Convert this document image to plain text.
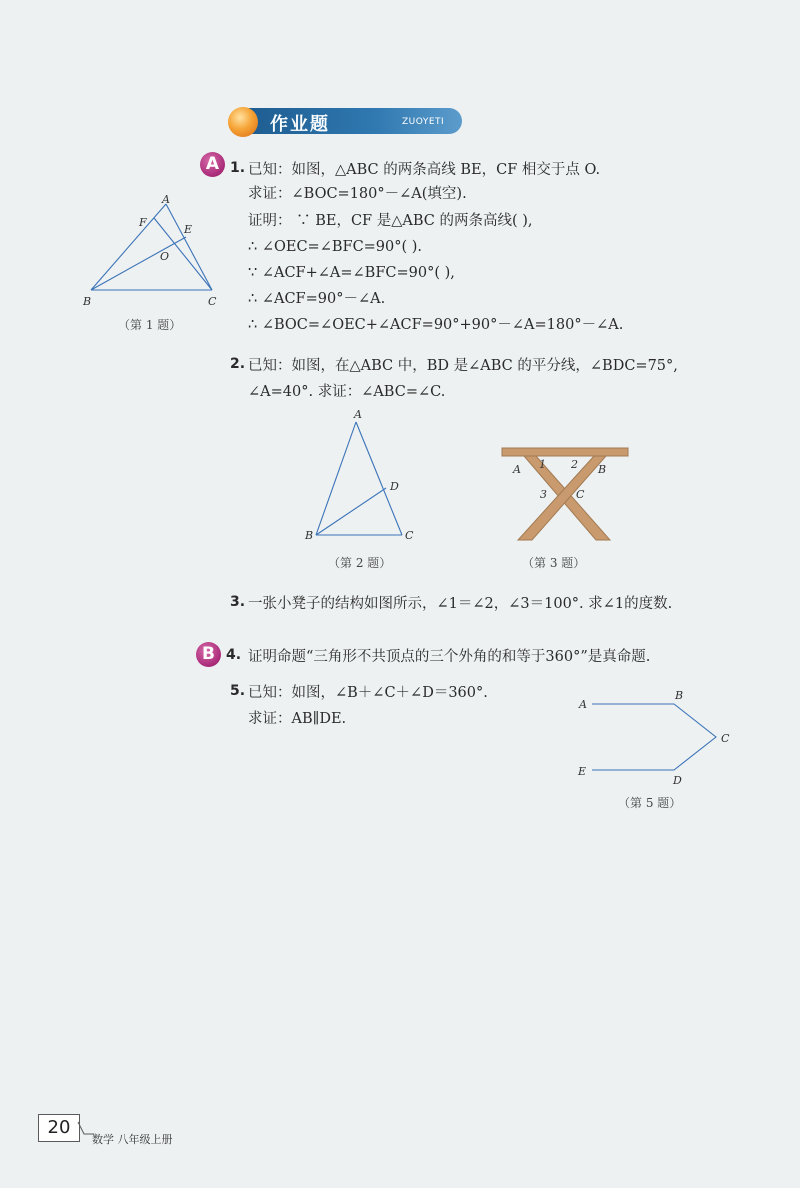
作业题	ZUOYETI
A 1. 已知：如图，△ABC 的两条高线 BE，CF 相交于点 O.
求证：∠BOC=180°－∠A(填空).
证明： ∵ BE，CF 是△ABC 的两条高线( ),
∴ ∠OEC=∠BFC=90°( ).
∵ ∠ACF+∠A=∠BFC=90°( ),
∴ ∠ACF=90°－∠A.
∴ ∠BOC=∠OEC+∠ACF=90°+90°－∠A=180°－∠A.
A
B	C
E
F
O
（第 1 题）
2. 已知：如图，在△ABC 中，BD 是∠ABC 的平分线，∠BDC=75°,
∠A=40°. 求证：∠ABC=∠C.
A
B	C
D
（第 2 题）
A	B
C
1 2
3
（第 3 题）
3. 一张小凳子的结构如图所示，∠1＝∠2，∠3＝100°. 求∠1的度数.
B 4. 证明命题“三角形不共顶点的三个外角的和等于360°”是真命题.
5. 已知：如图，∠B＋∠C＋∠D＝360°.
求证：AB∥DE.
A
B
C
D
E
（第 5 题）
20
数学 八年级上册
